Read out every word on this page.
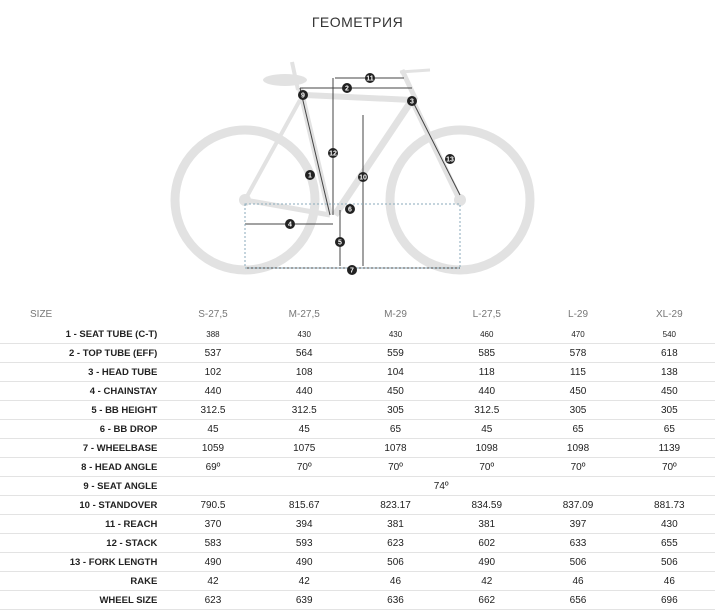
ГЕОМЕТРИЯ
1
2
3
4
5
6
7
9
10
11
12
13
SIZE	S-27,5	M-27,5	M-29	L-27,5	L-29	XL-29
1 - SEAT TUBE (C-T)	388	430	430	460	470	540
2 - TOP TUBE (EFF)	537	564	559	585	578	618
3 - HEAD TUBE	102	108	104	118	115	138
4 - CHAINSTAY	440	440	450	440	450	450
5 - BB HEIGHT	312.5	312.5	305	312.5	305	305
6 - BB DROP	45	45	65	45	65	65
7 - WHEELBASE	1059	1075	1078	1098	1098	1139
8 - HEAD ANGLE	69º	70º	70º	70º	70º	70º
9 - SEAT ANGLE	74º					
10 - STANDOVER	790.5	815.67	823.17	834.59	837.09	881.73
11 - REACH	370	394	381	381	397	430
12 - STACK	583	593	623	602	633	655
13 - FORK LENGTH	490	490	506	490	506	506
RAKE	42	42	46	42	46	46
WHEEL SIZE	623	639	636	662	656	696
